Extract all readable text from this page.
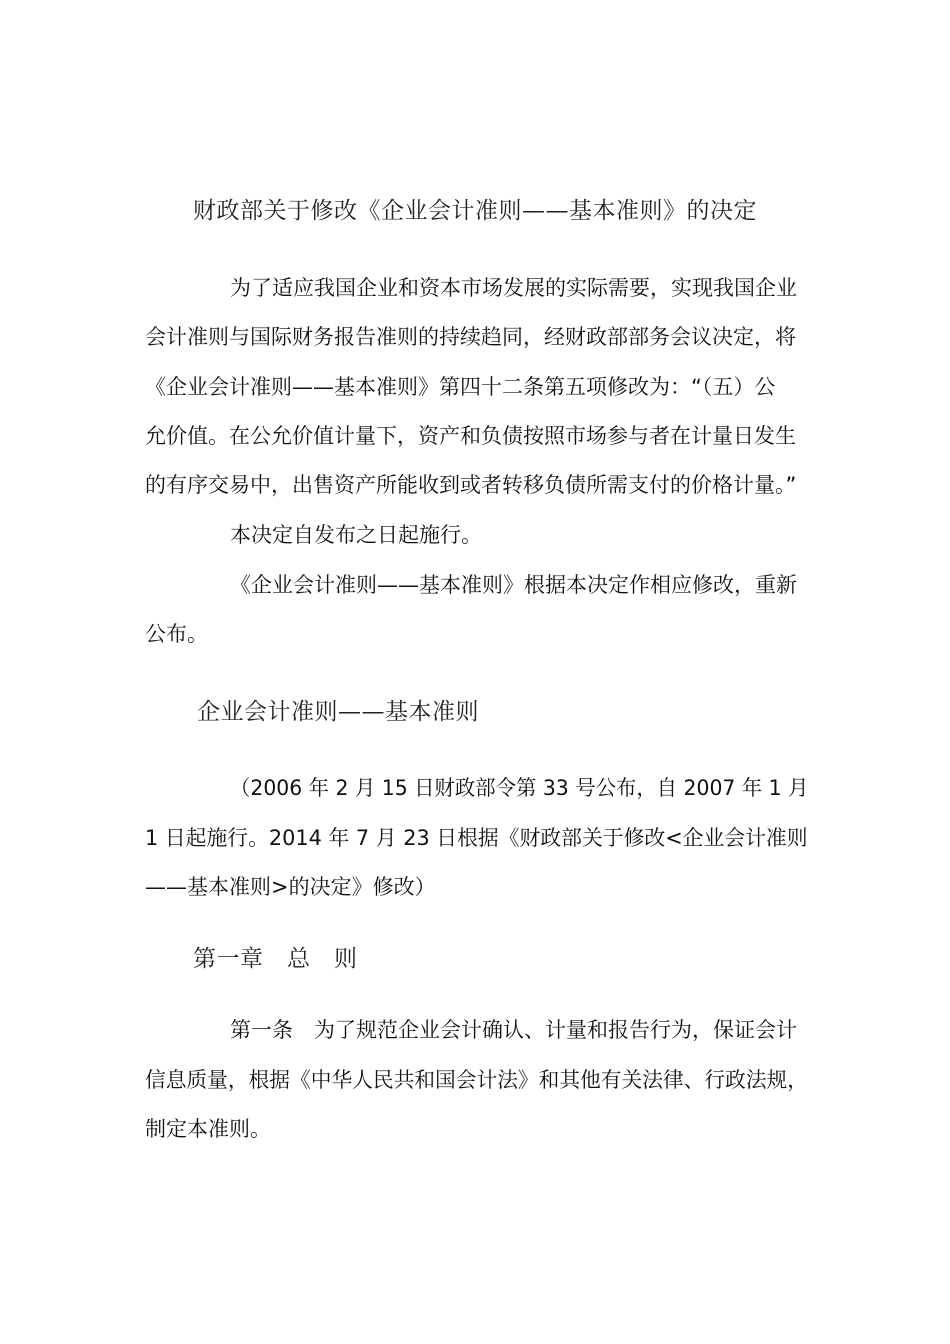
财政部关于修改《企业会计准则——基本准则》的决定
为了适应我国企业和资本市场发展的实际需要，实现我国企业
会计准则与国际财务报告准则的持续趋同，经财政部部务会议决定，将
《企业会计准则——基本准则》第四十二条第五项修改为：“（五）公
允价值。在公允价值计量下，资产和负债按照市场参与者在计量日发生
的有序交易中，出售资产所能收到或者转移负债所需支付的价格计量。”
本决定自发布之日起施行。
《企业会计准则——基本准则》根据本决定作相应修改，重新
公布。
企业会计准则——基本准则
（2006 年 2 月 15 日财政部令第 33 号公布，自 2007 年 1 月
1 日起施行。2014 年 7 月 23 日根据《财政部关于修改<企业会计准则
——基本准则>的决定》修改）
第一章　总　则
第一条　为了规范企业会计确认、计量和报告行为，保证会计
信息质量，根据《中华人民共和国会计法》和其他有关法律、行政法规，
制定本准则。
